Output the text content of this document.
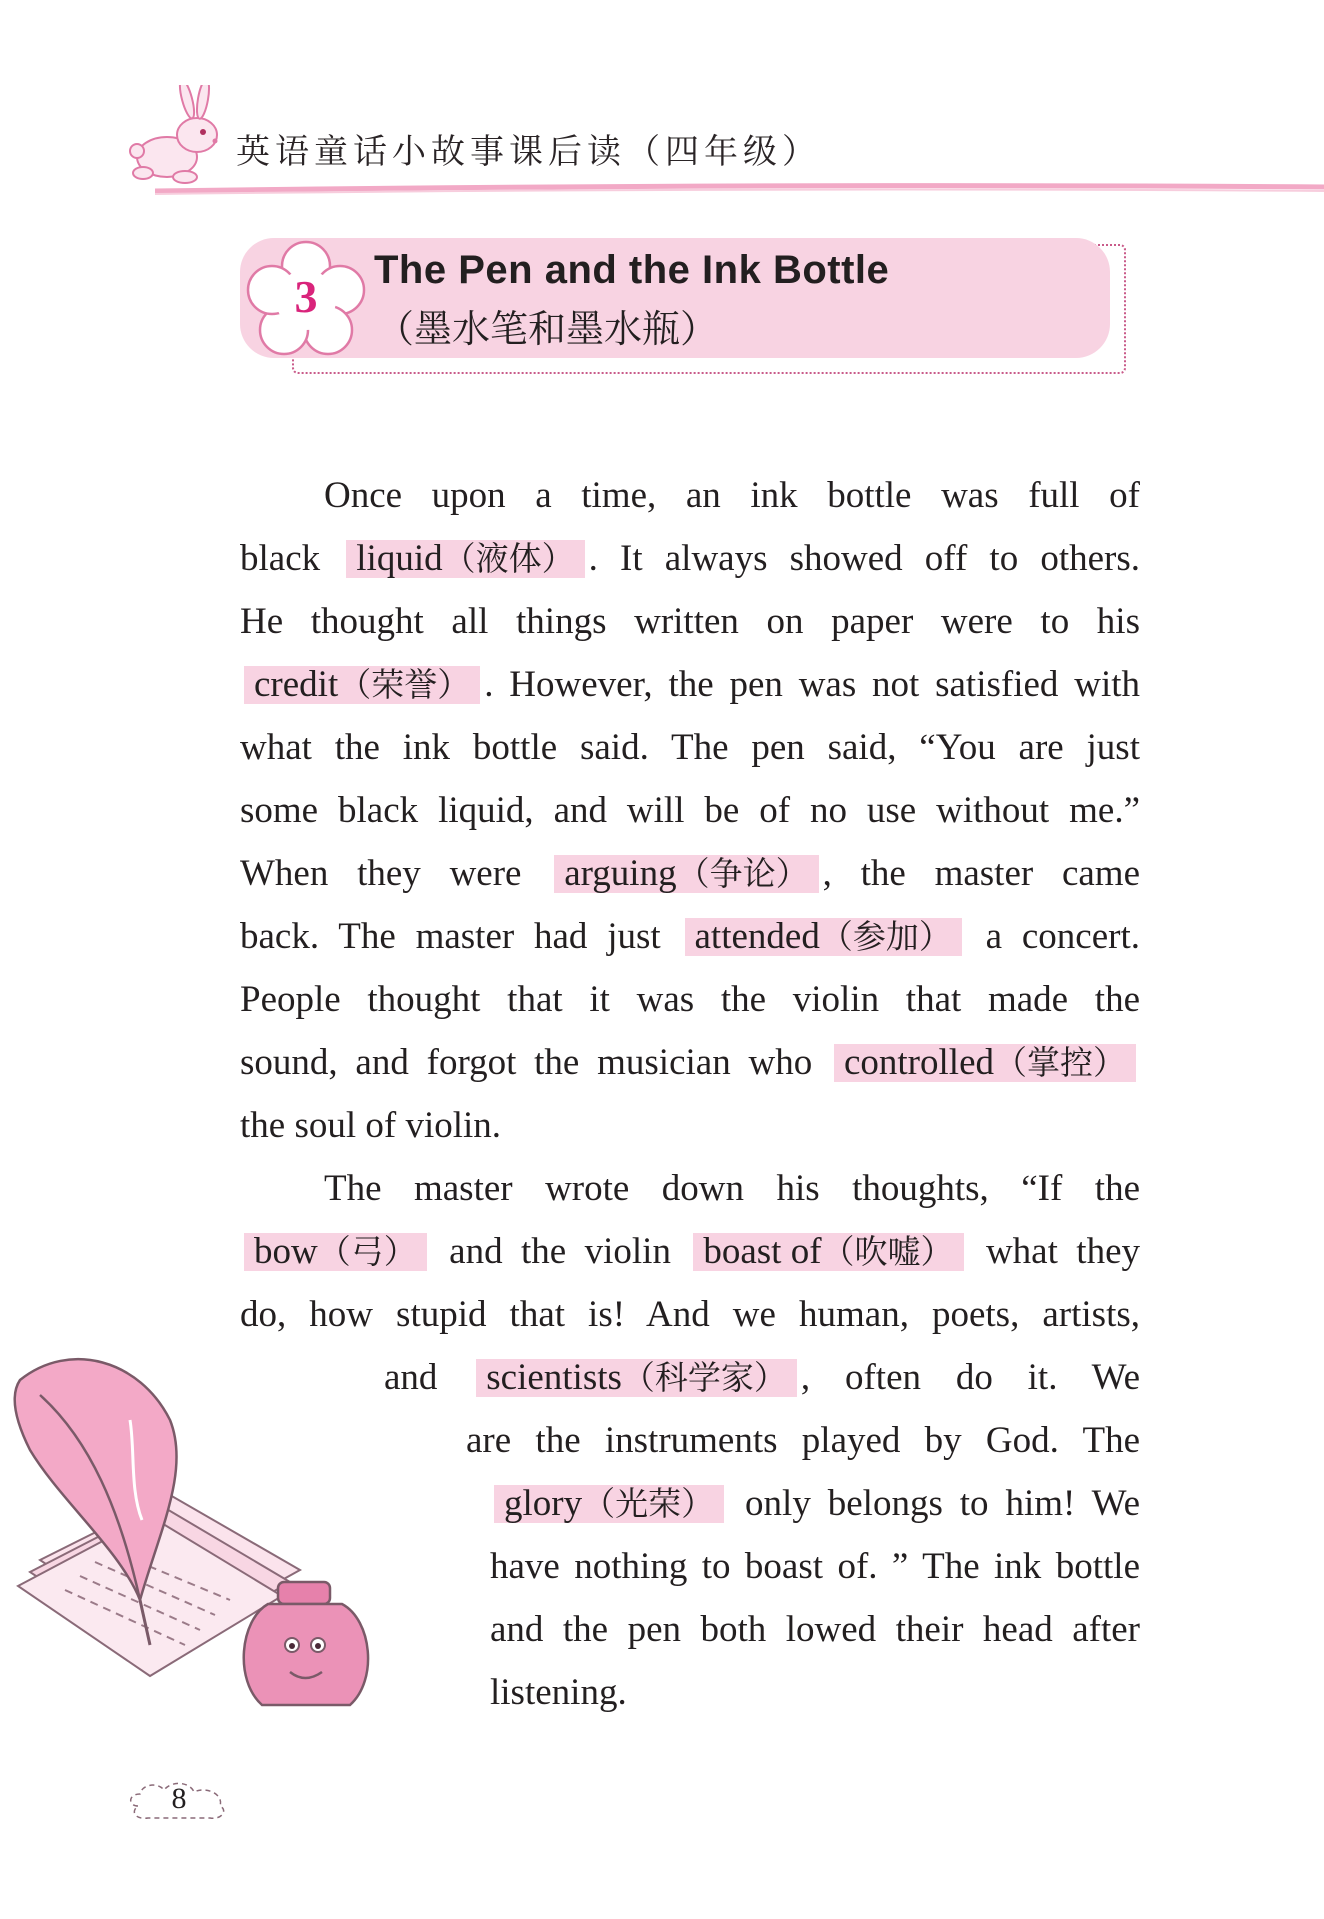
英语童话小故事课后读（四年级）
3
The Pen and the Ink Bottle
（墨水笔和墨水瓶）
Once upon a time, an ink bottle was full of
black liquid（液体） . It always showed off to others.
He thought all things written on paper were to his
credit（荣誉） . However, the pen was not satisfied with
what the ink bottle said. The pen said, “You are just
some black liquid, and will be of no use without me.”
When they were arguing（争论） , the master came
back. The master had just attended（参加） a concert.
People thought that it was the violin that made the
sound, and forgot the musician who controlled（掌控）
the soul of violin.
The master wrote down his thoughts, “If the
bow（弓） and the violin boast of（吹嘘） what they
do, how stupid that is! And we human, poets, artists,
and scientists（科学家） , often do it. We
are the instruments played by God. The
glory（光荣） only belongs to him! We
have nothing to boast of. ” The ink bottle
and the pen both lowed their head after
listening.
8
